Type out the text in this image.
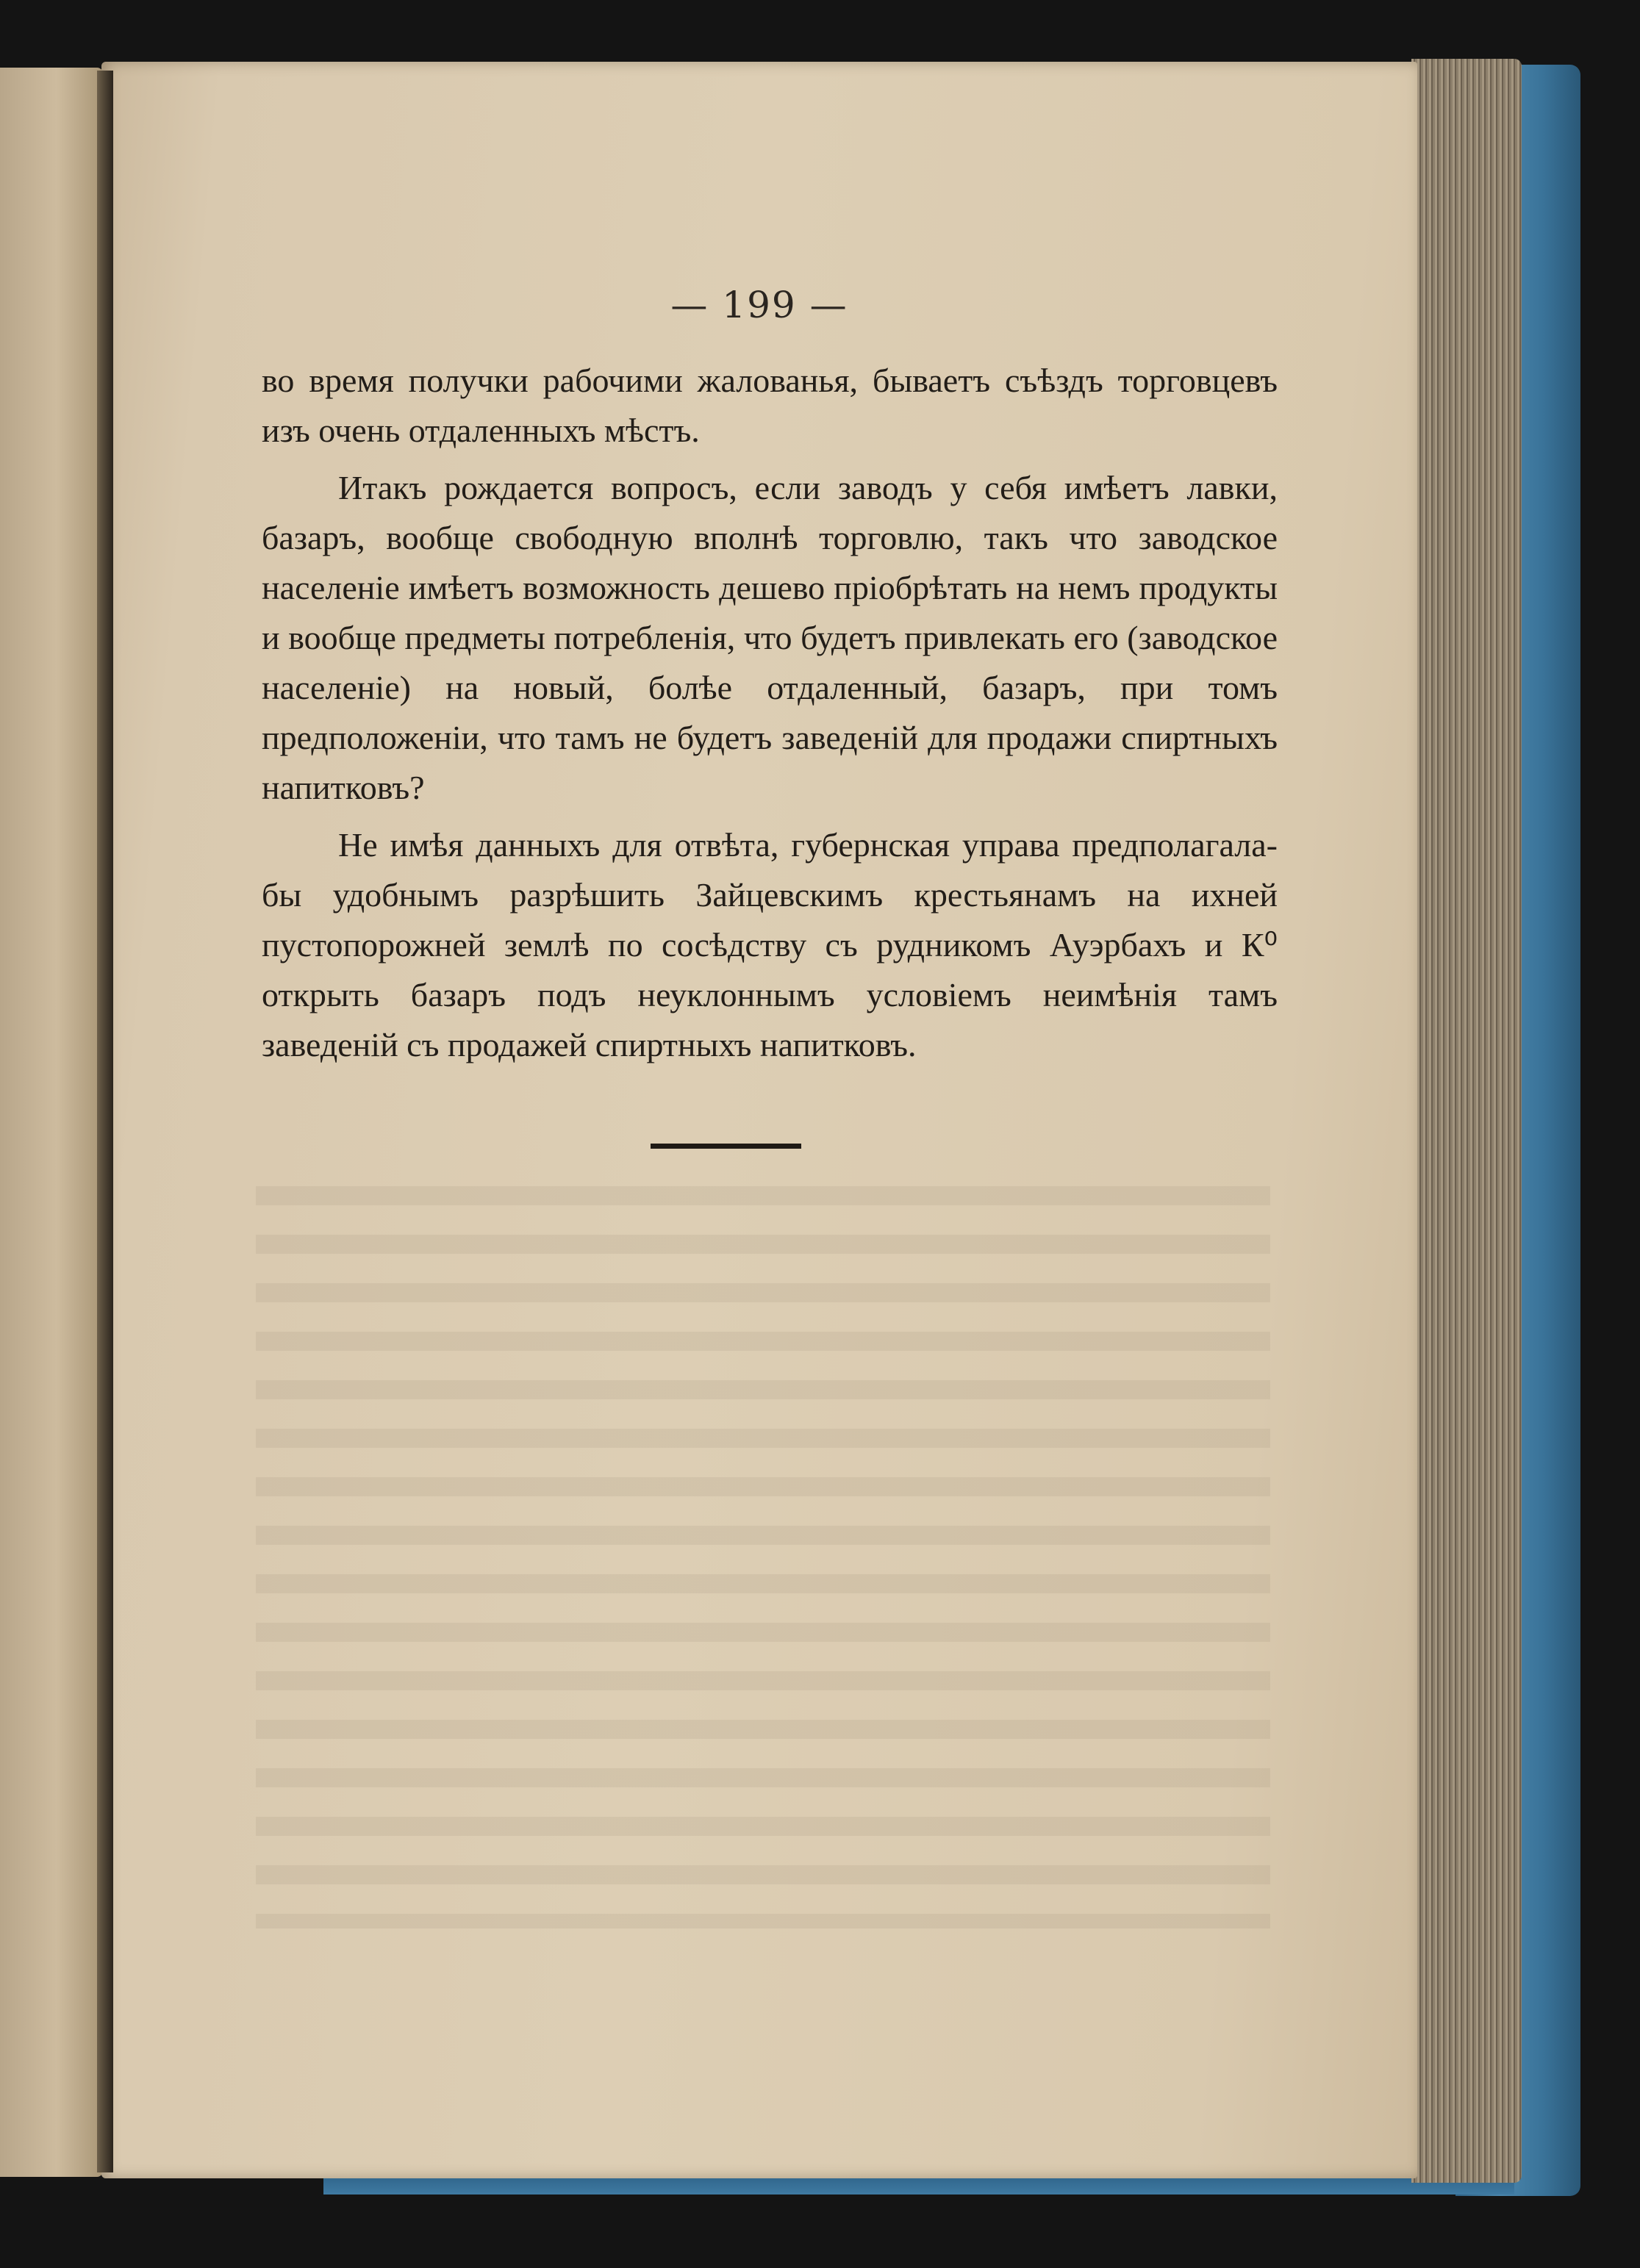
— 199 —

во время получки рабочими жалованья, бываетъ съѣздъ торговцевъ изъ очень отдаленныхъ мѣстъ.

Итакъ рождается вопросъ, если заводъ у себя имѣетъ лавки, базаръ, вообще свободную вполнѣ торговлю, такъ что заводское населеніе имѣетъ возможность дешево пріобрѣтать на немъ продукты и вообще предметы потребленія, что будетъ привлекать его (заводское населеніе) на новый, болѣе отдаленный, базаръ, при томъ предположеніи, что тамъ не будетъ заведеній для продажи спиртныхъ напитковъ?

Не имѣя данныхъ для отвѣта, губернская управа предполагала-бы удобнымъ разрѣшить Зайцевскимъ крестьянамъ на ихней пустопорожней землѣ по сосѣдству съ рудникомъ Ауэрбахъ и К⁰ открыть базаръ подъ неуклоннымъ условіемъ неимѣнія тамъ заведеній съ продажей спиртныхъ напитковъ.
